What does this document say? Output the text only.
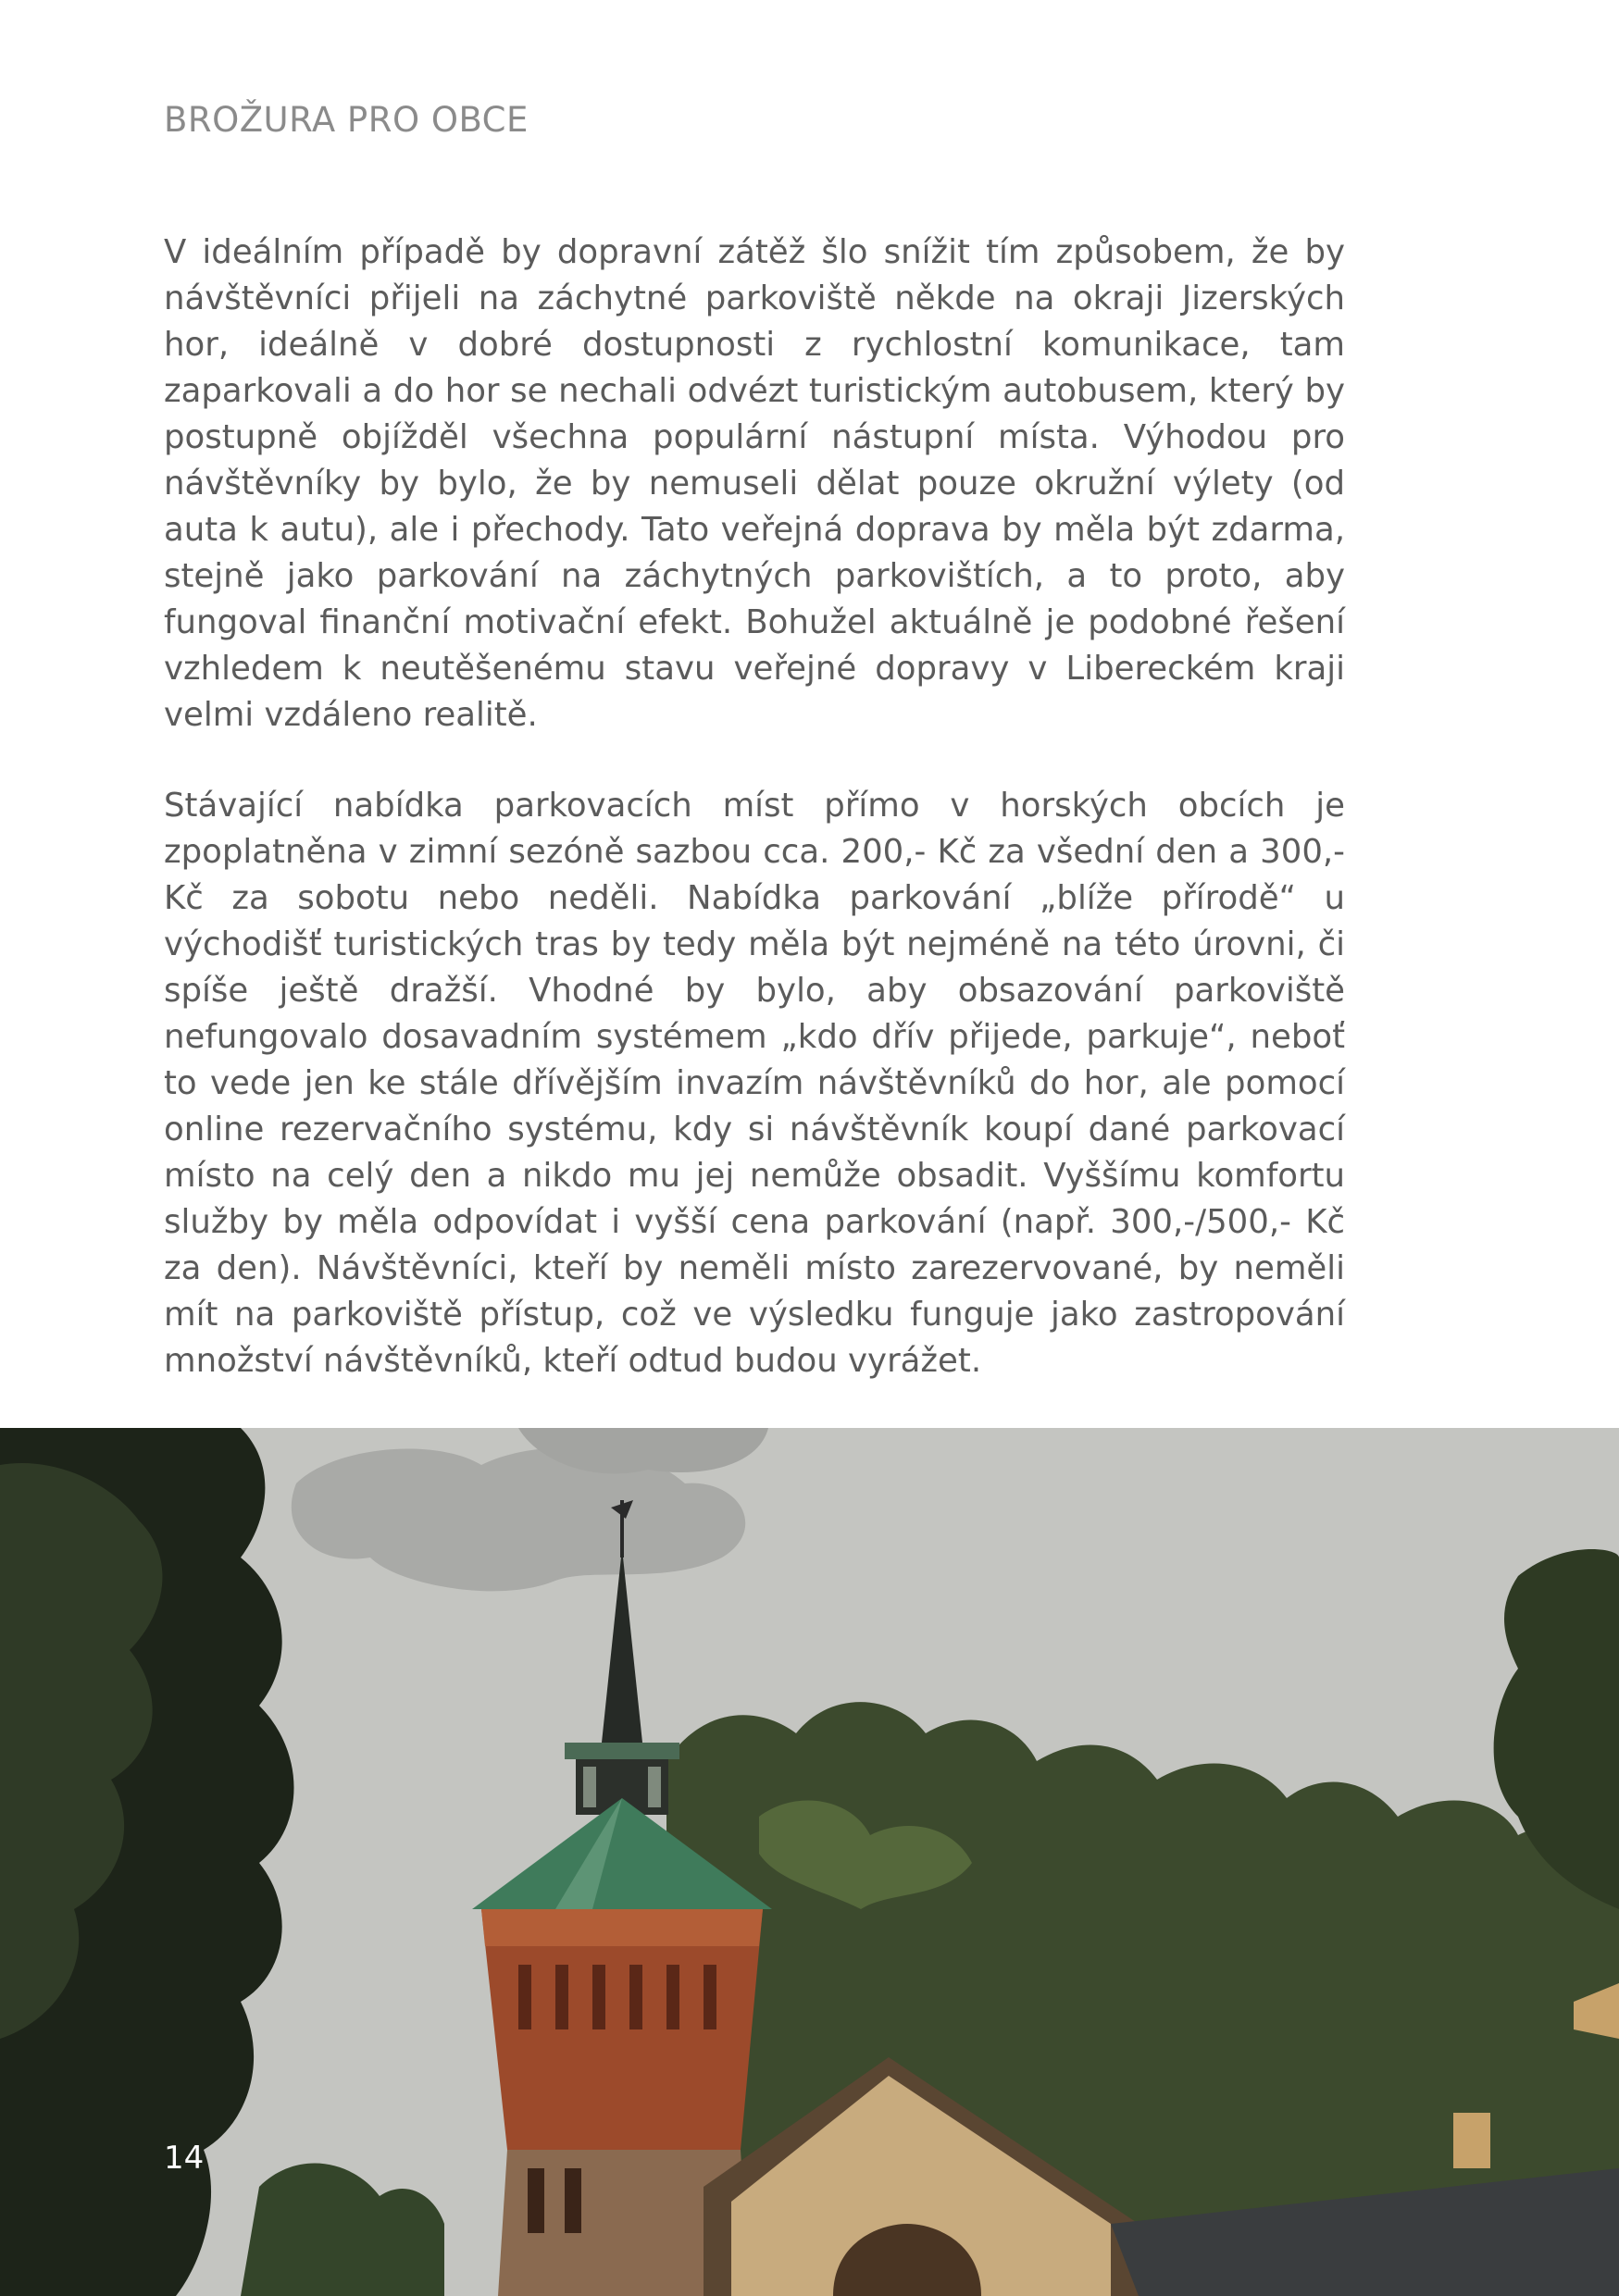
BROŽURA PRO OBCE

V ideálním případě by dopravní zátěž šlo snížit tím způsobem, že by návštěvníci přijeli na záchytné parkoviště někde na okraji Jizerských hor, ideálně v dobré dostupnosti z rychlostní komunikace, tam zaparkovali a do hor se nechali odvézt turistickým autobusem, který by postupně objížděl všechna populární nástupní místa. Výhodou pro návštěvníky by bylo, že by nemuseli dělat pouze okružní výlety (od auta k autu), ale i přechody. Tato veřejná doprava by měla být zdarma, stejně jako parkování na záchytných parkovištích, a to proto, aby fungoval finanční motivační efekt. Bohužel aktuálně je podobné řešení vzhledem k neutěšenému stavu veřejné dopravy v Libereckém kraji velmi vzdáleno realitě.

Stávající nabídka parkovacích míst přímo v horských obcích je zpoplatněna v zimní sezóně sazbou cca. 200,- Kč za všední den a 300,- Kč za sobotu nebo neděli. Nabídka parkování „blíže přírodě“ u východišť turistických tras by tedy měla být nejméně na této úrovni, či spíše ještě dražší. Vhodné by bylo, aby obsazování parkoviště nefungovalo dosavadním systémem „kdo dřív přijede, parkuje“, neboť to vede jen ke stále dřívějším invazím návštěvníků do hor, ale pomocí online rezervačního systému, kdy si návštěvník koupí dané parkovací místo na celý den a nikdo mu jej nemůže obsadit. Vyššímu komfortu služby by měla odpovídat i vyšší cena parkování (např. 300,-/500,- Kč za den). Návštěvníci, kteří by neměli místo zarezervované, by neměli mít na parkoviště přístup, což ve výsledku funguje jako zastropování množství návštěvníků, kteří odtud budou vyrážet.

14
